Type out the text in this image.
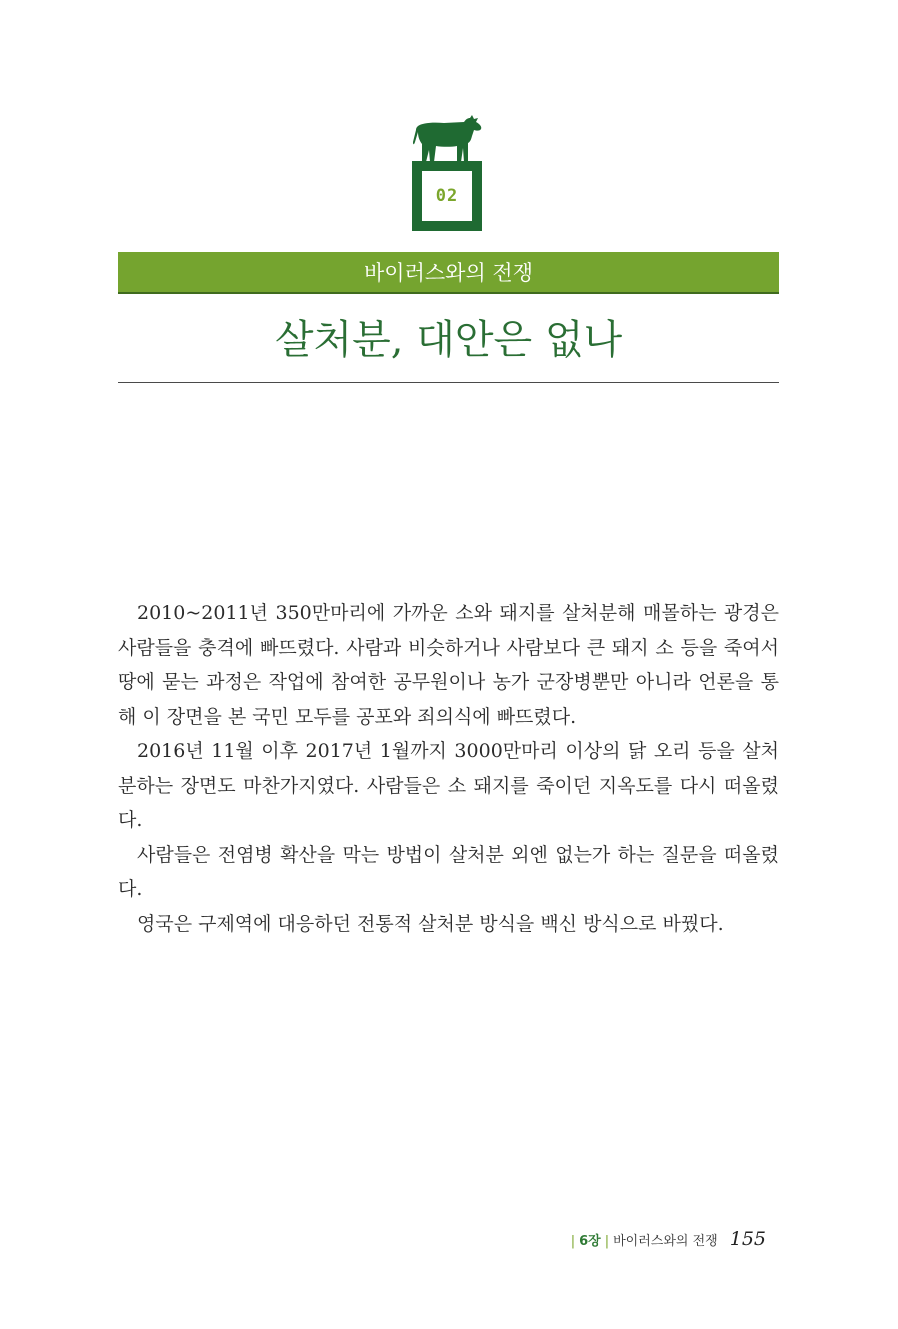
02
바이러스와의 전쟁
살처분, 대안은 없나

2010~2011년 350만마리에 가까운 소와 돼지를 살처분해 매몰하는 광경은 사람들을 충격에 빠뜨렸다. 사람과 비슷하거나 사람보다 큰 돼지 소 등을 죽여서 땅에 묻는 과정은 작업에 참여한 공무원이나 농가 군장병뿐만 아니라 언론을 통해 이 장면을 본 국민 모두를 공포와 죄의식에 빠뜨렸다.

2016년 11월 이후 2017년 1월까지 3000만마리 이상의 닭 오리 등을 살처분하는 장면도 마찬가지였다. 사람들은 소 돼지를 죽이던 지옥도를 다시 떠올렸다.

사람들은 전염병 확산을 막는 방법이 살처분 외엔 없는가 하는 질문을 떠올렸다.

영국은 구제역에 대응하던 전통적 살처분 방식을 백신 방식으로 바꿨다.

| 6장 | 바이러스와의 전쟁 155
